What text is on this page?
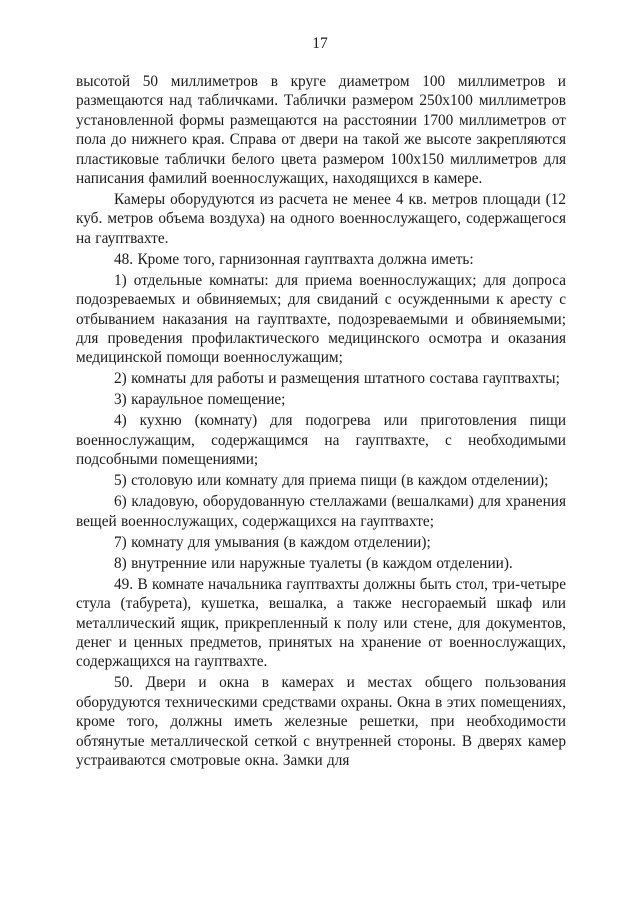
17

высотой 50 миллиметров в круге диаметром 100 миллиметров и размещаются над табличками. Таблички размером 250x100 миллиметров установленной формы размещаются на расстоянии 1700 миллиметров от пола до нижнего края. Справа от двери на такой же высоте закрепляются пластиковые таблички белого цвета размером 100x150 миллиметров для написания фамилий военнослужащих, находящихся в камере.

Камеры оборудуются из расчета не менее 4 кв. метров площади (12 куб. метров объема воздуха) на одного военнослужащего, содержащегося на гауптвахте.

48. Кроме того, гарнизонная гауптвахта должна иметь:

1) отдельные комнаты: для приема военнослужащих; для допроса подозреваемых и обвиняемых; для свиданий с осужденными к аресту с отбыванием наказания на гауптвахте, подозреваемыми и обвиняемыми; для проведения профилактического медицинского осмотра и оказания медицинской помощи военнослужащим;

2) комнаты для работы и размещения штатного состава гауптвахты;

3) караульное помещение;

4) кухню (комнату) для подогрева или приготовления пищи военнослужащим, содержащимся на гауптвахте, с необходимыми подсобными помещениями;

5) столовую или комнату для приема пищи (в каждом отделении);

6) кладовую, оборудованную стеллажами (вешалками) для хранения вещей военнослужащих, содержащихся на гауптвахте;

7) комнату для умывания (в каждом отделении);

8) внутренние или наружные туалеты (в каждом отделении).

49. В комнате начальника гауптвахты должны быть стол, три-четыре стула (табурета), кушетка, вешалка, а также несгораемый шкаф или металлический ящик, прикрепленный к полу или стене, для документов, денег и ценных предметов, принятых на хранение от военнослужащих, содержащихся на гауптвахте.

50. Двери и окна в камерах и местах общего пользования оборудуются техническими средствами охраны. Окна в этих помещениях, кроме того, должны иметь железные решетки, при необходимости обтянутые металлической сеткой с внутренней стороны. В дверях камер устраиваются смотровые окна. Замки для
